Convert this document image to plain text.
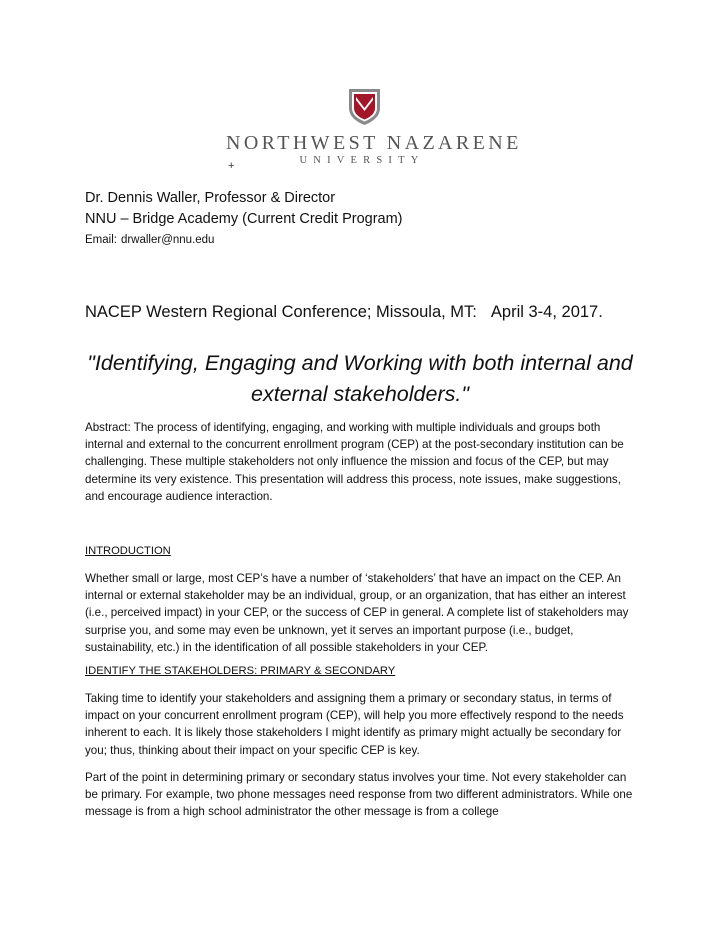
NORTHWEST NAZARENE
UNIVERSITY
+
Dr. Dennis Waller, Professor & Director
NNU – Bridge Academy (Current Credit Program)
Email: drwaller@nnu.edu
NACEP Western Regional Conference; Missoula, MT: April 3-4, 2017.
"Identifying, Engaging and Working with both internal and external stakeholders."
Abstract: The process of identifying, engaging, and working with multiple individuals and groups both internal and external to the concurrent enrollment program (CEP) at the post-secondary institution can be challenging. These multiple stakeholders not only influence the mission and focus of the CEP, but may determine its very existence. This presentation will address this process, note issues, make suggestions, and encourage audience interaction.
INTRODUCTION
Whether small or large, most CEP’s have a number of ‘stakeholders’ that have an impact on the CEP. An internal or external stakeholder may be an individual, group, or an organization, that has either an interest (i.e., perceived impact) in your CEP, or the success of CEP in general. A complete list of stakeholders may surprise you, and some may even be unknown, yet it serves an important purpose (i.e., budget, sustainability, etc.) in the identification of all possible stakeholders in your CEP.
IDENTIFY THE STAKEHOLDERS: PRIMARY & SECONDARY
Taking time to identify your stakeholders and assigning them a primary or secondary status, in terms of impact on your concurrent enrollment program (CEP), will help you more effectively respond to the needs inherent to each. It is likely those stakeholders I might identify as primary might actually be secondary for you; thus, thinking about their impact on your specific CEP is key.
Part of the point in determining primary or secondary status involves your time. Not every stakeholder can be primary. For example, two phone messages need response from two different administrators. While one message is from a high school administrator the other message is from a college
